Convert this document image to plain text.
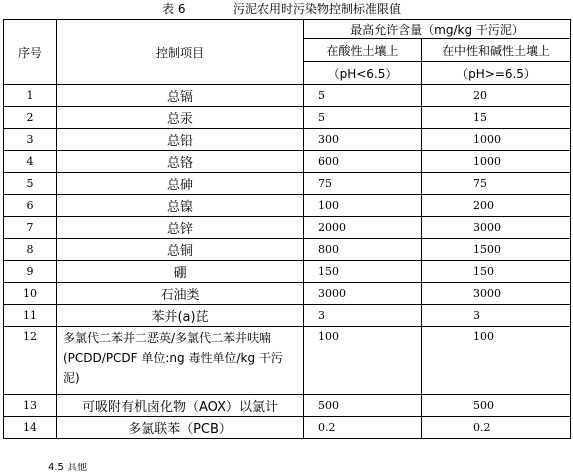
表 6	污泥农用时污染物控制标准限值
序号	控制项目	最高允许含量（mg/kg 干污泥）	
		在酸性土壤上	在中性和碱性土壤上
		（pH<6.5）	（pH>=6.5）
1	总镉	5	20
2	总汞	5	15
3	总铅	300	1000
4	总铬	600	1000
5	总砷	75	75
6	总镍	100	200
7	总锌	2000	3000
8	总铜	800	1500
9	硼	150	150
10	石油类	3000	3000
11	苯并(a)芘	3	3
12	多氯代二苯并二恶英/多氯代二苯并呋喃(PCDD/PCDF 单位:ng 毒性单位/kg 干污泥)	100	100
13	可吸附有机卤化物（AOX）以氯计	500	500
14	多氯联苯（PCB）	0.2	0.2
4.5 其他
